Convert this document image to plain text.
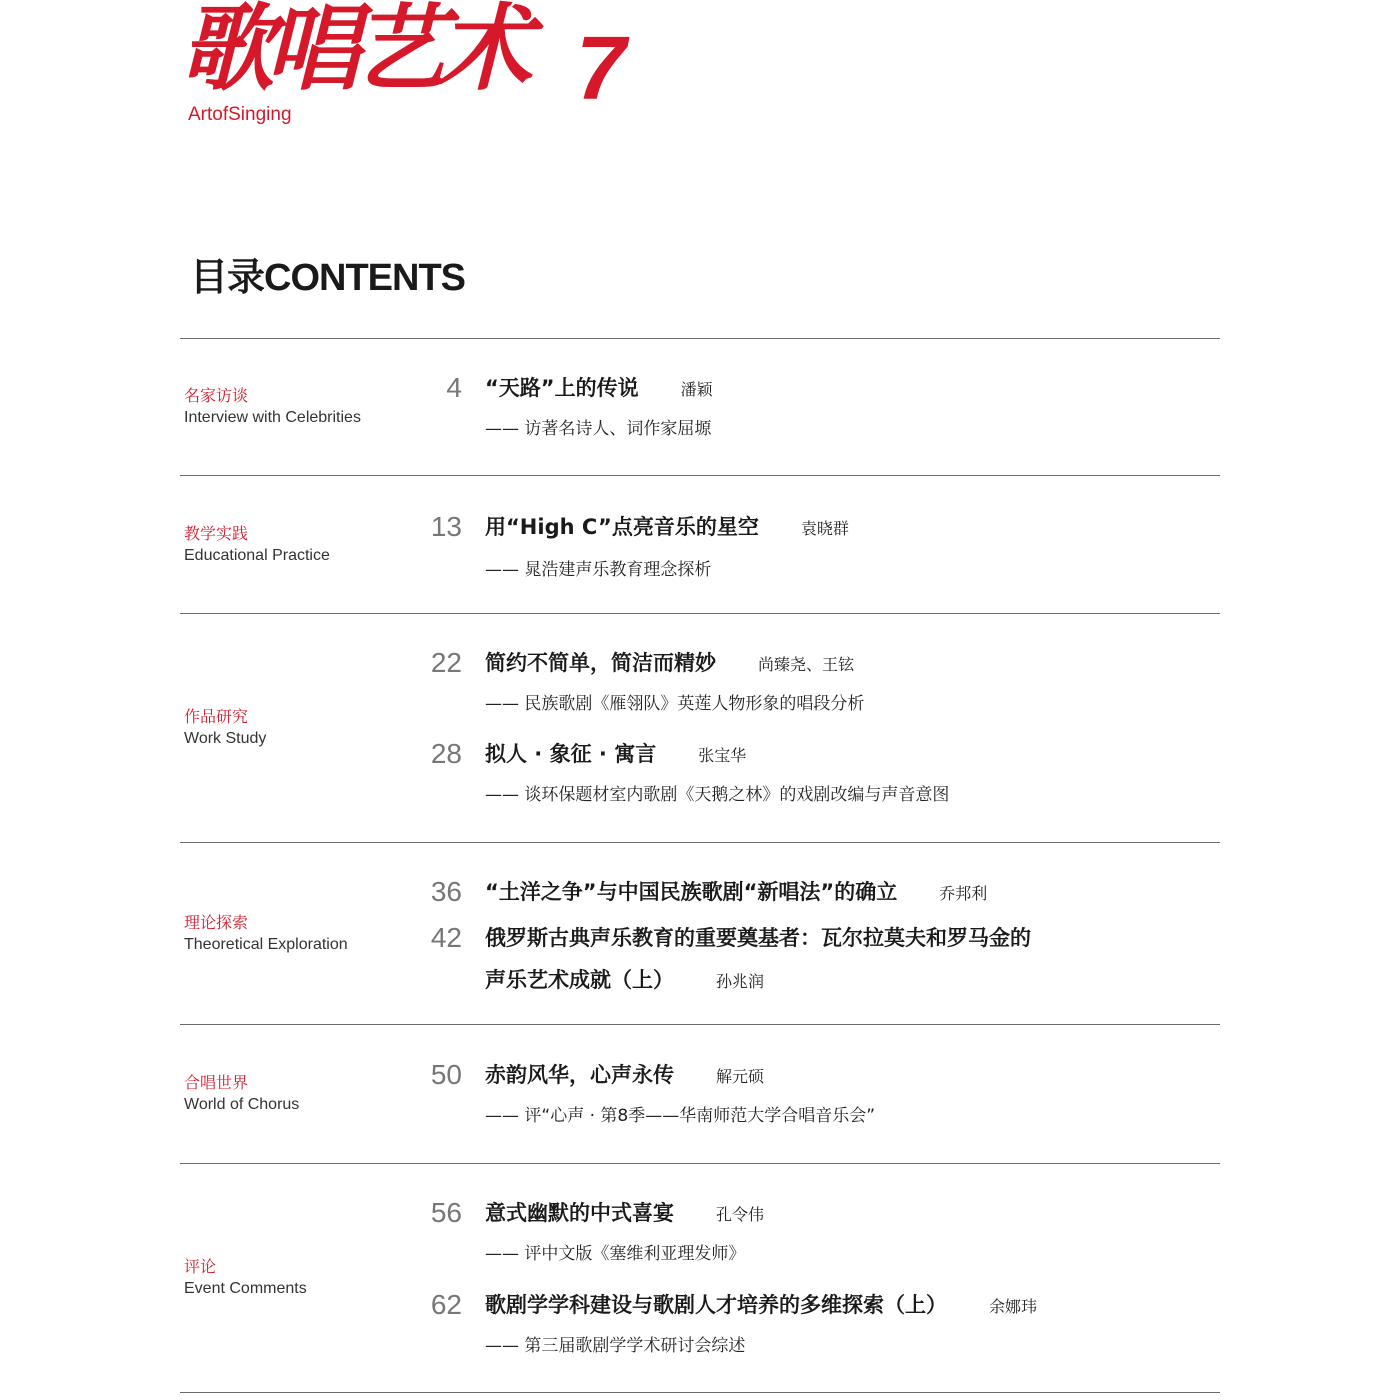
歌唱艺术 7
ArtofSinging
目录CONTENTS
名家访谈
Interview with Celebrities
4 “天路”上的传说	潘颖
—— 访著名诗人、词作家屈塬
教学实践
Educational Practice
13 用“High C”点亮音乐的星空	袁晓群
—— 晁浩建声乐教育理念探析
作品研究
Work Study
22 简约不简单，简洁而精妙	尚臻尧、王铉
—— 民族歌剧《雁翎队》英莲人物形象的唱段分析
28 拟人 · 象征 · 寓言	张宝华
—— 谈环保题材室内歌剧《天鹅之林》的戏剧改编与声音意图
理论探索
Theoretical Exploration
36 “土洋之争”与中国民族歌剧“新唱法”的确立	乔邦利
42 俄罗斯古典声乐教育的重要奠基者：瓦尔拉莫夫和罗马金的
声乐艺术成就（上）	孙兆润
合唱世界
World of Chorus
50 赤韵风华，心声永传	解元硕
—— 评“心声 · 第8季——华南师范大学合唱音乐会”
评论
Event Comments
56 意式幽默的中式喜宴	孔令伟
—— 评中文版《塞维利亚理发师》
62 歌剧学学科建设与歌剧人才培养的多维探索（上）	余娜玮
—— 第三届歌剧学学术研讨会综述
